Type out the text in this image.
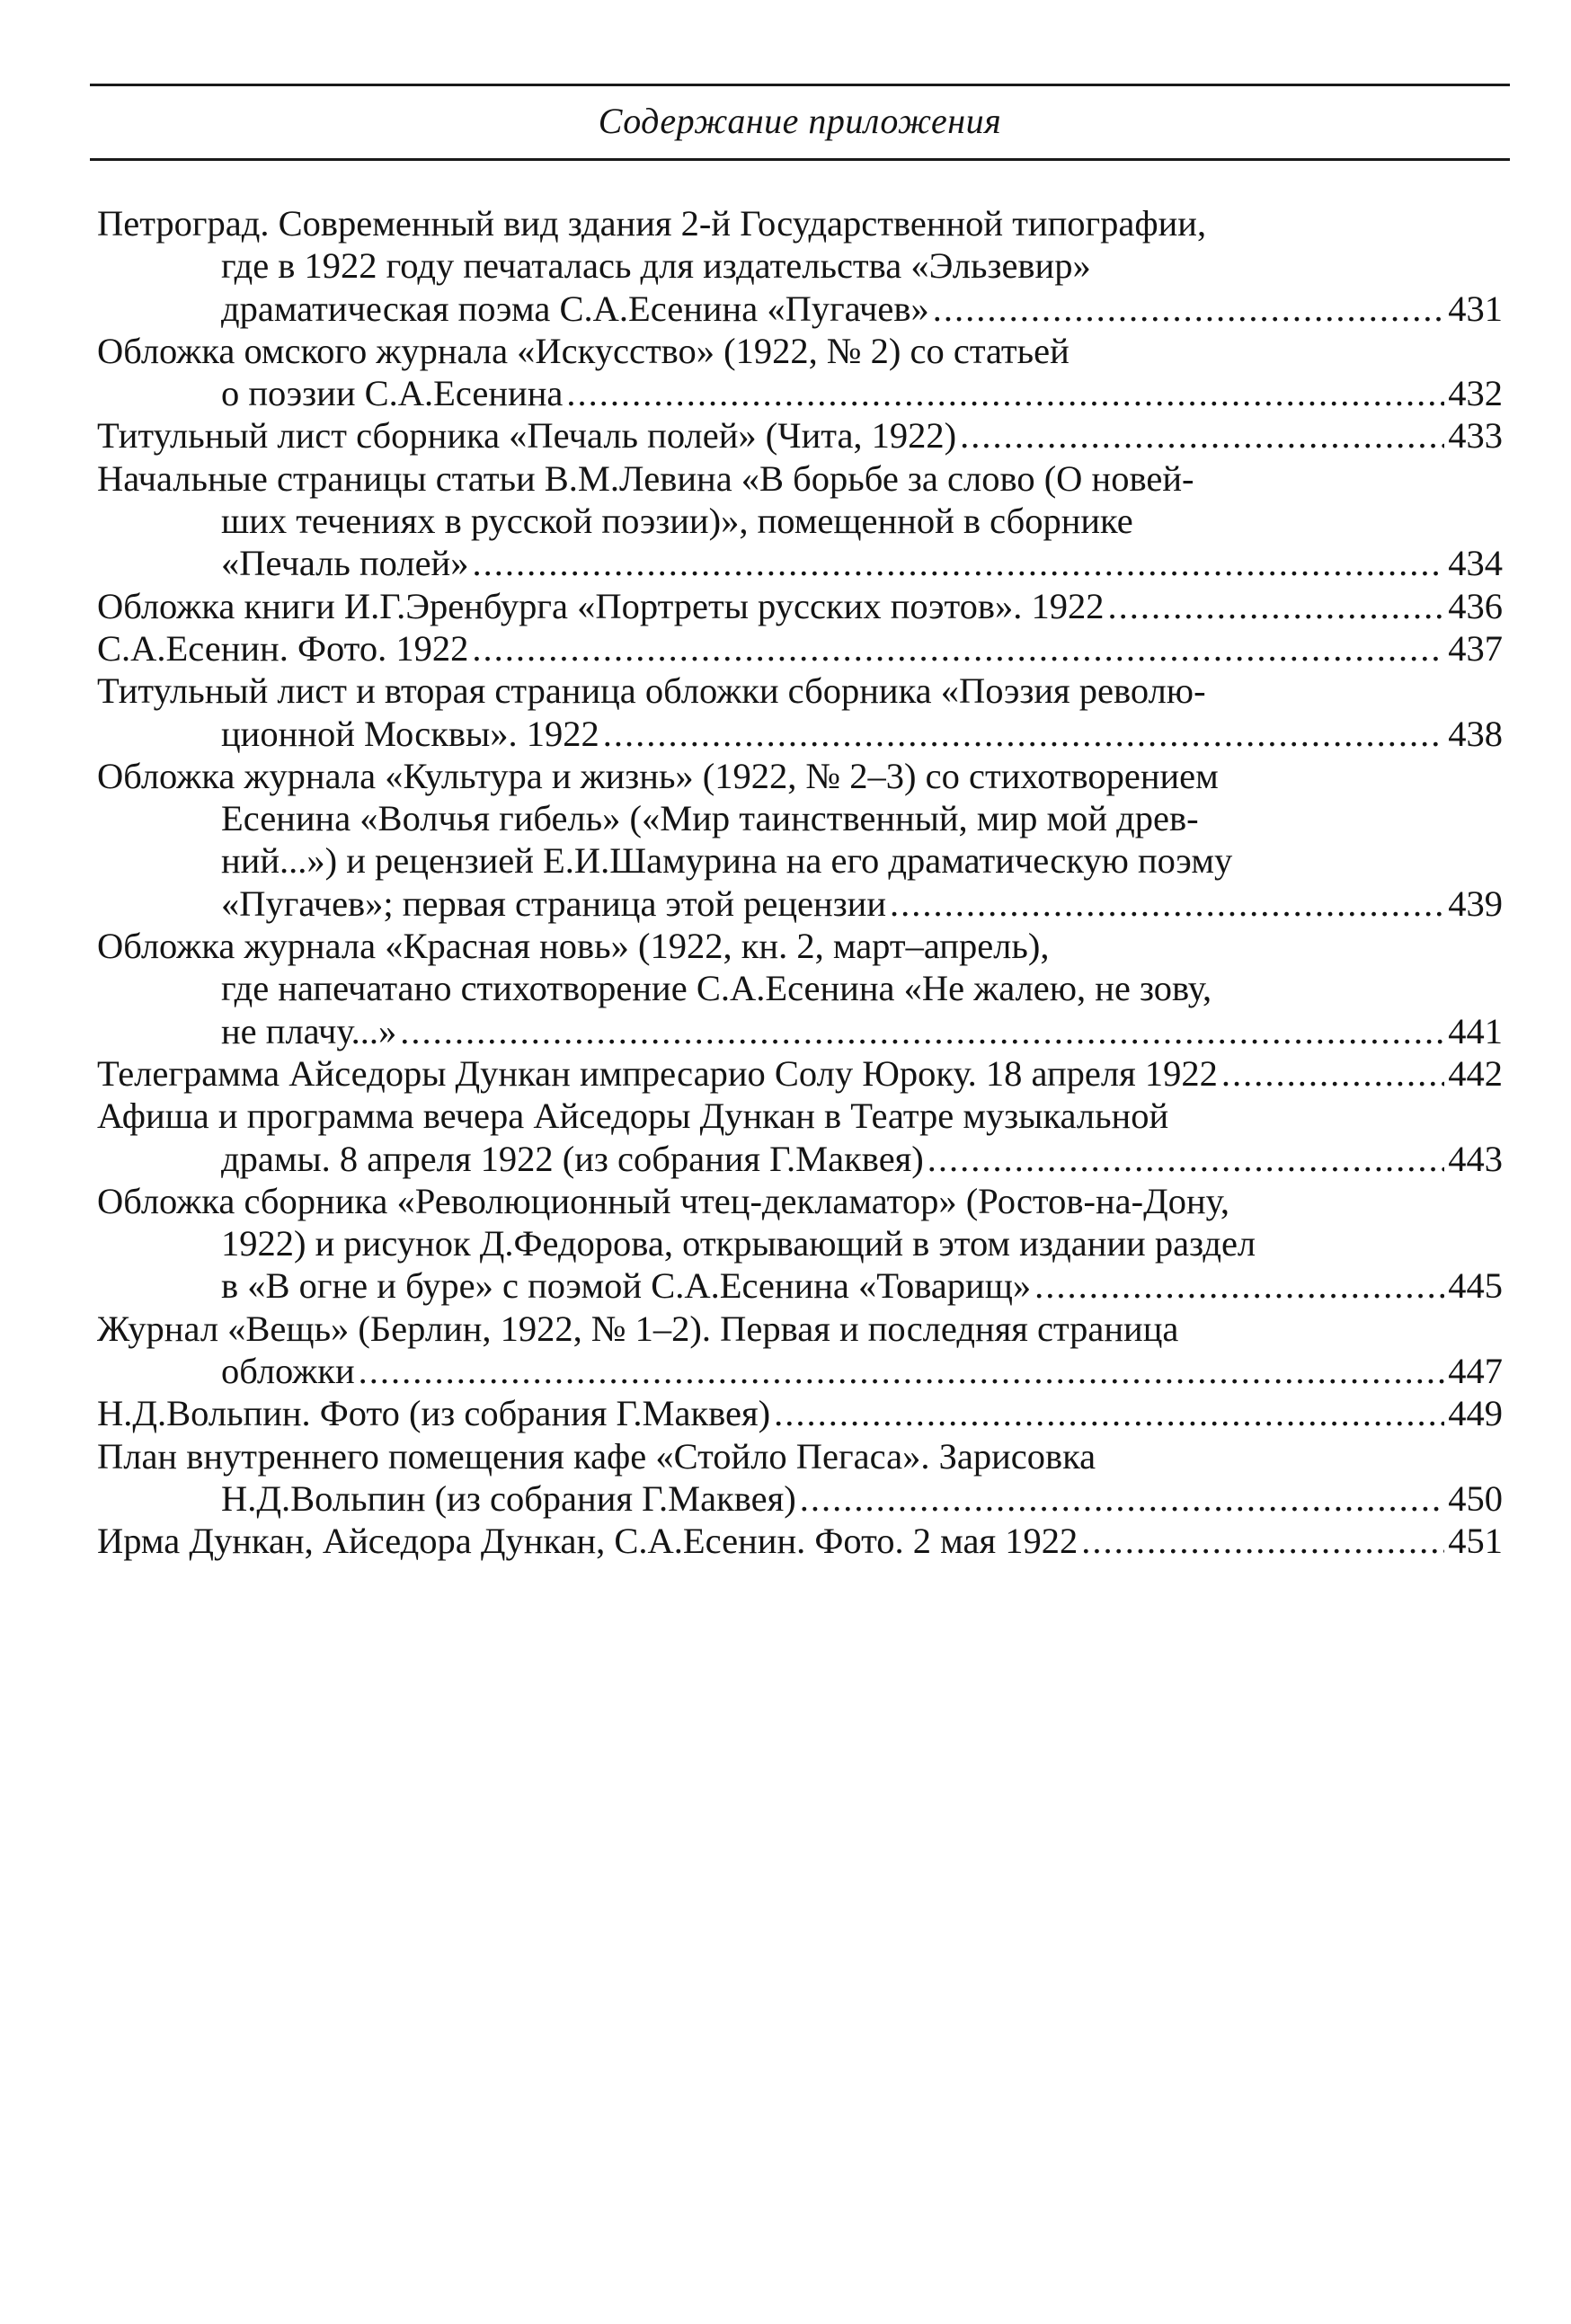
Содержание приложения
Петроград. Современный вид здания 2-й Государственной типографии,
где в 1922 году печаталась для издательства «Эльзевир»
драматическая поэма С.А.Есенина «Пугачев» .....	431
Обложка омского журнала «Искусство» (1922, № 2) со статьей
о поэзии С.А.Есенина .....	432
Титульный лист сборника «Печаль полей» (Чита, 1922) .....	433
Начальные страницы статьи В.М.Левина «В борьбе за слово (О новей-
ших течениях в русской поэзии)», помещенной в сборнике
«Печаль полей» .....	434
Обложка книги И.Г.Эренбурга «Портреты русских поэтов». 1922 .....	436
С.А.Есенин. Фото. 1922 .....	437
Титульный лист и вторая страница обложки сборника «Поэзия револю-
ционной Москвы». 1922 .....	438
Обложка журнала «Культура и жизнь» (1922, № 2–3) со стихотворением
Есенина «Волчья гибель» («Мир таинственный, мир мой древ-
ний...») и рецензией Е.И.Шамурина на его драматическую поэму
«Пугачев»; первая страница этой рецензии .....	439
Обложка журнала «Красная новь» (1922, кн. 2, март–апрель),
где напечатано стихотворение С.А.Есенина «Не жалею, не зову,
не плачу...» .....	441
Телеграмма Айседоры Дункан импресарио Солу Юроку. 18 апреля 1922 .....	442
Афиша и программа вечера Айседоры Дункан в Театре музыкальной
драмы. 8 апреля 1922 (из собрания Г.Маквея) .....	443
Обложка сборника «Революционный чтец-декламатор» (Ростов-на-Дону,
1922) и рисунок Д.Федорова, открывающий в этом издании раздел
в «В огне и буре» с поэмой С.А.Есенина «Товарищ» .....	445
Журнал «Вещь» (Берлин, 1922, № 1–2). Первая и последняя страница
обложки .....	447
Н.Д.Вольпин. Фото (из собрания Г.Маквея) .....	449
План внутреннего помещения кафе «Стойло Пегаса». Зарисовка
Н.Д.Вольпин (из собрания Г.Маквея) .....	450
Ирма Дункан, Айседора Дункан, С.А.Есенин. Фото. 2 мая 1922 .....	451
